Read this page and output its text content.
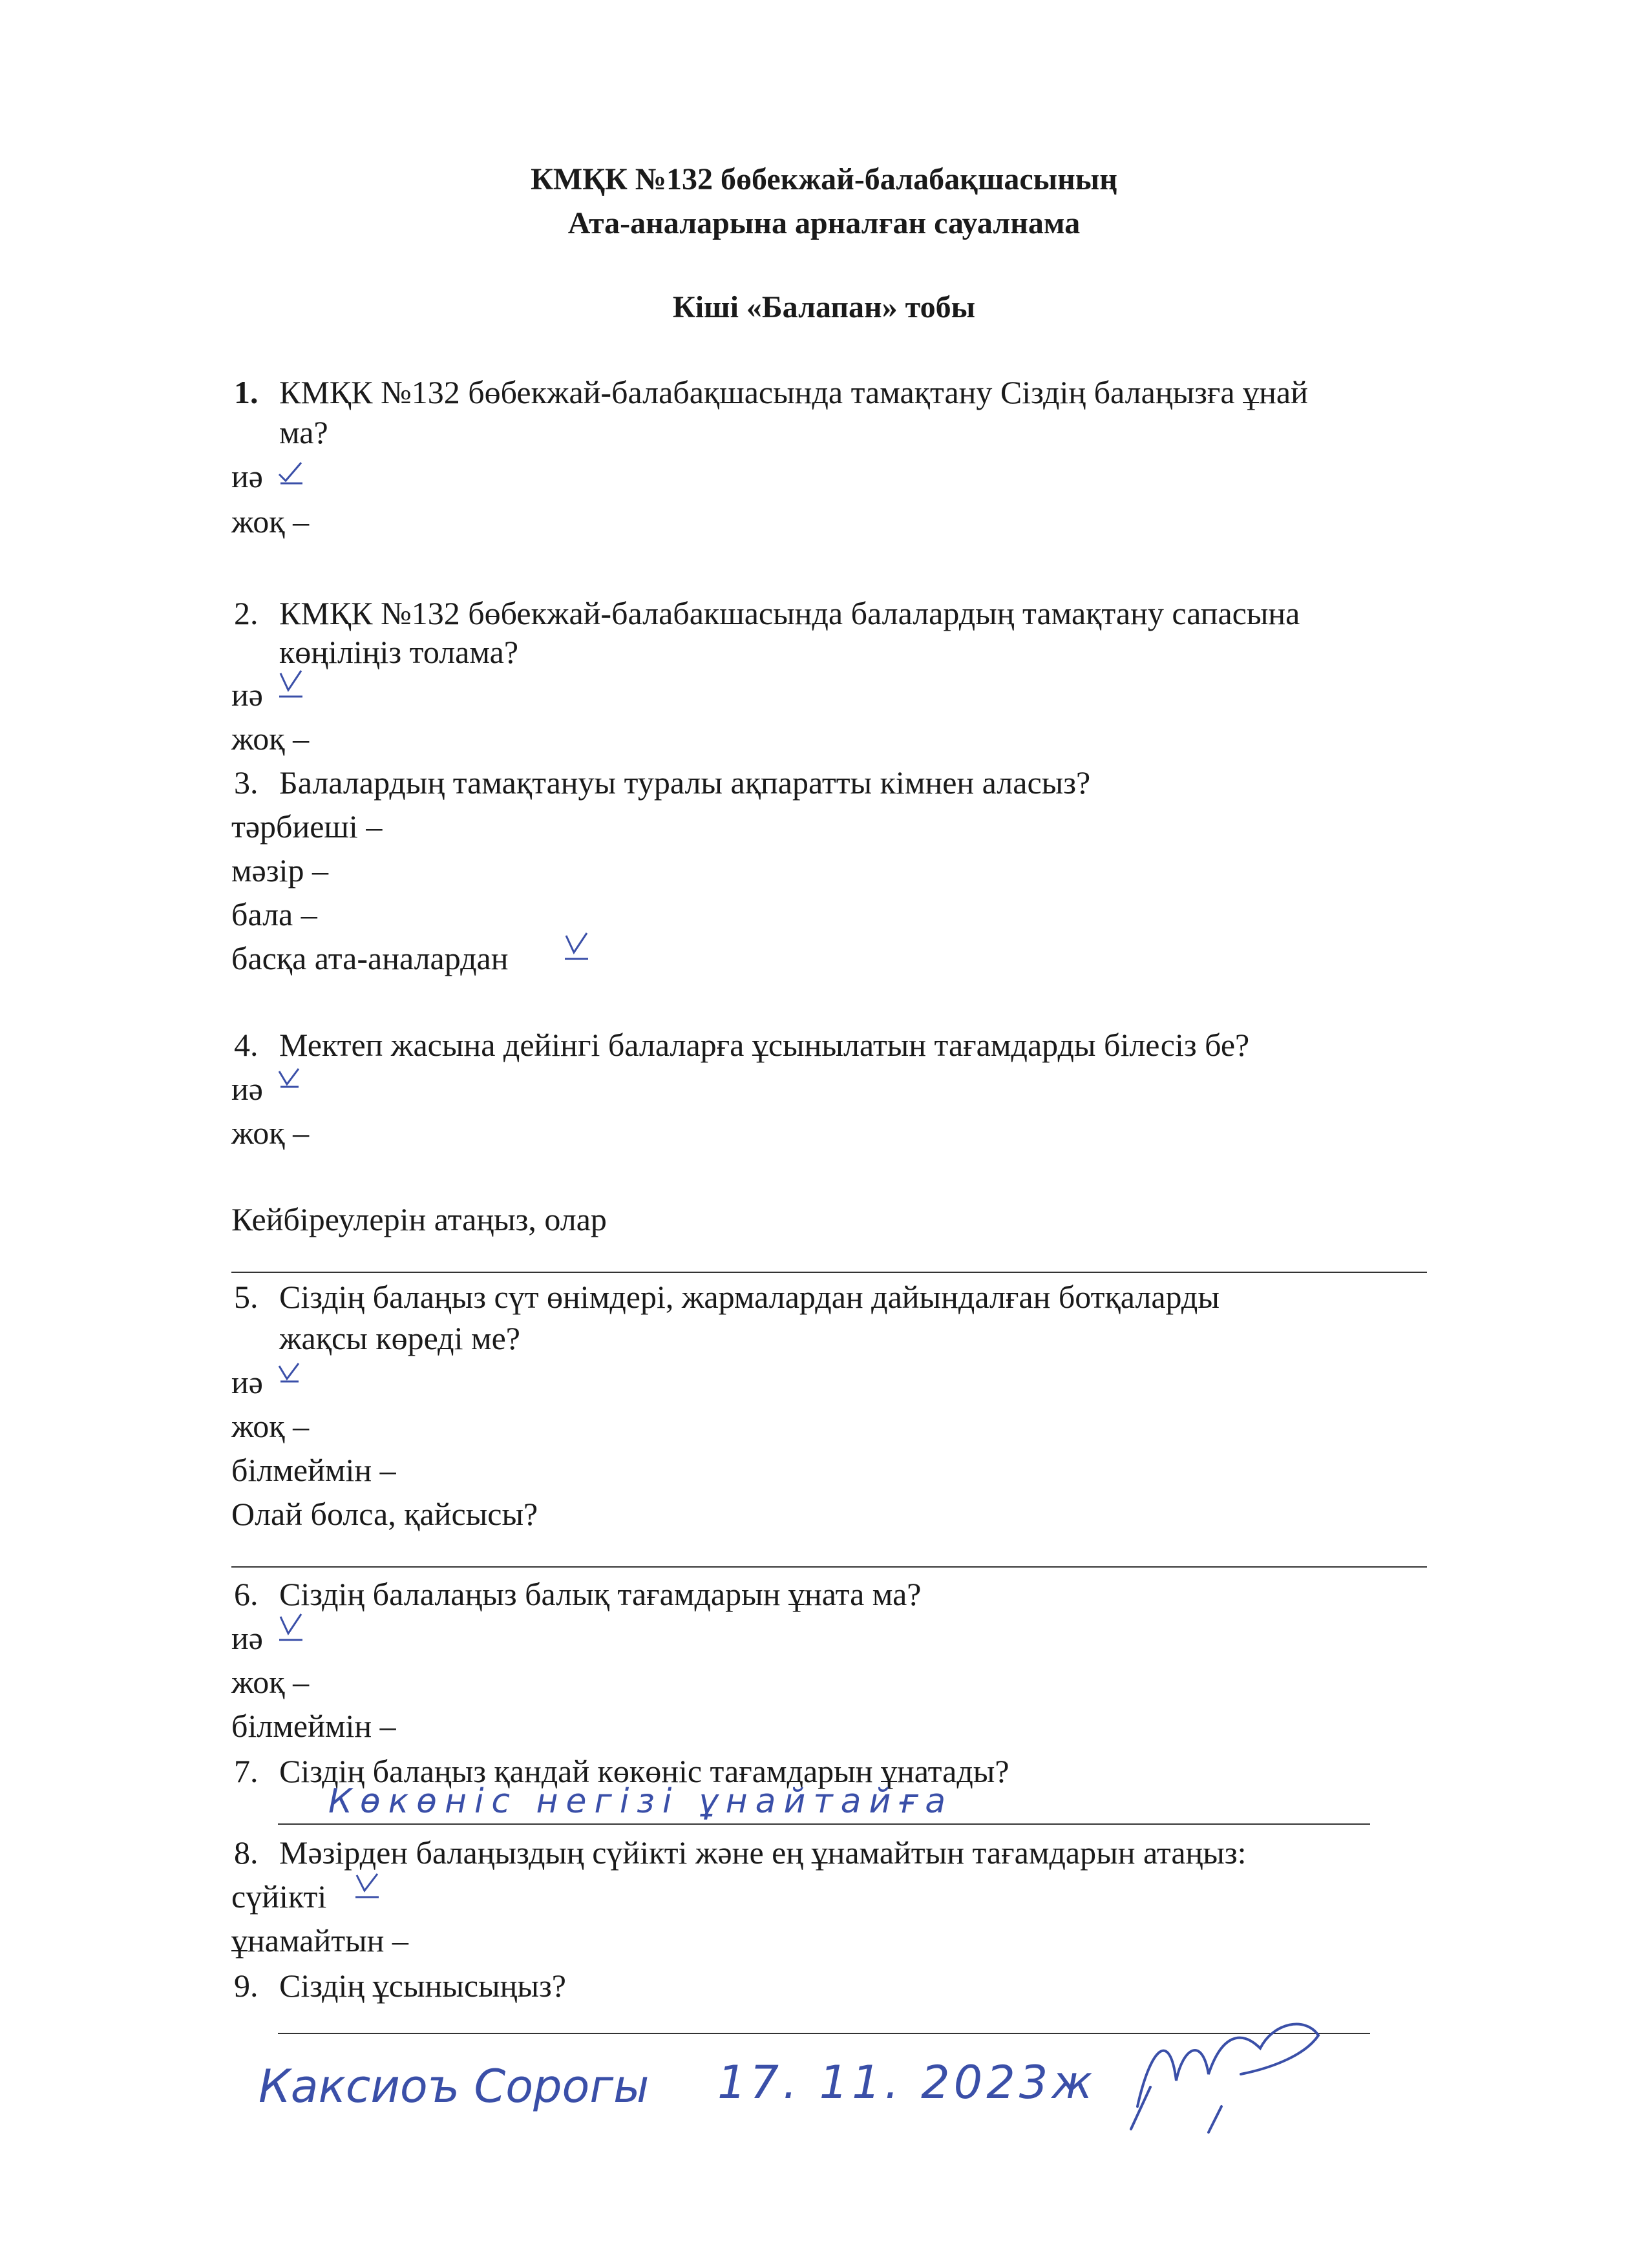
КМҚК №132 бөбекжай-балабақшасының
Ата-аналарына арналған сауалнама
Кіші «Балапан» тобы
1. КМҚК №132 бөбекжай-балабақшасында тамақтану Сіздің балаңызға ұнай
ма?
иә
жоқ –
2. КМҚК №132 бөбекжай-балабакшасында балалардың тамақтану сапасына
көңіліңіз толама?
иә
жоқ –
3. Балалардың тамақтануы туралы ақпаратты кімнен аласыз?
тәрбиеші –
мәзір –
бала –
басқа ата-аналардан
4. Мектеп жасына дейінгі балаларға ұсынылатын тағамдарды білесіз бе?
иә
жоқ –
Кейбіреулерін атаңыз, олар
5. Сіздің балаңыз сүт өнімдері, жармалардан дайындалған ботқаларды
жақсы көреді ме?
иә
жоқ –
білмеймін –
Олай болса, қайсысы?
6. Сіздің балалаңыз балық тағамдарын ұната ма?
иә
жоқ –
білмеймін –
7. Сіздің балаңыз қандай көкөніс тағамдарын ұнатады?
Көкөніс негізі ұнайтайға
8. Мәзірден балаңыздың сүйікті және ең ұнамайтын тағамдарын атаңыз:
сүйікті
ұнамайтын –
9. Сіздің ұсынысыңыз?
Каксиоъ Сорогы 17. 11. 2023ж
